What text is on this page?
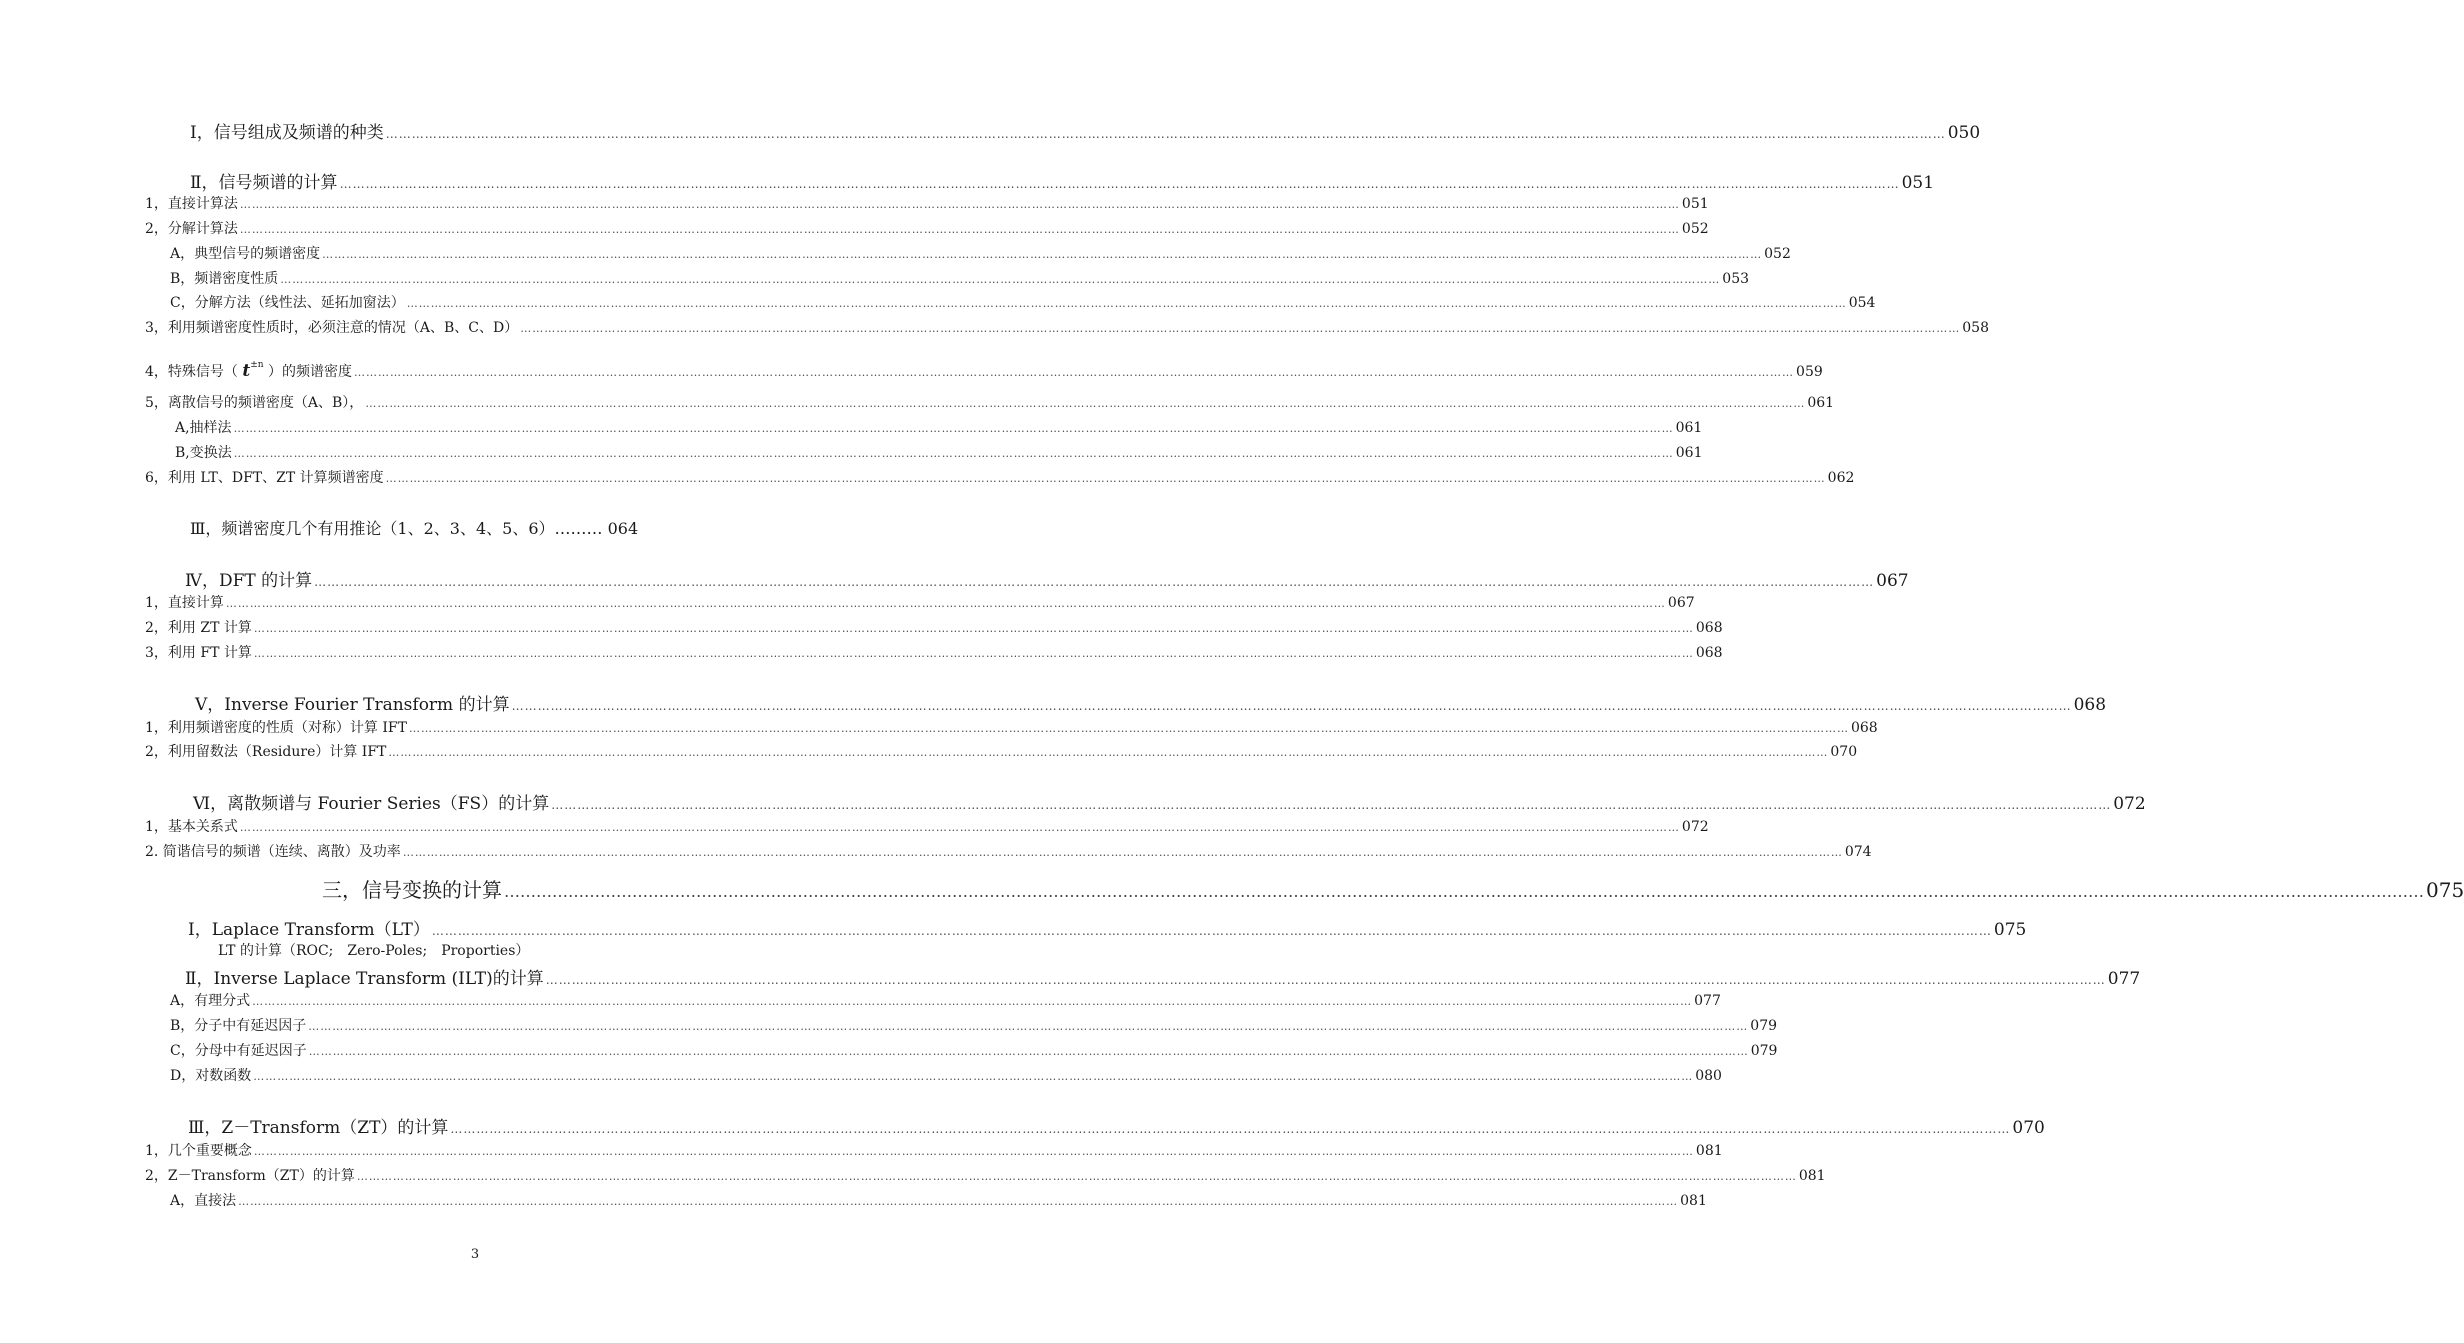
Ⅰ，信号组成及频谱的种类 ……………………………………………………………………………………………………………………………………………………………………………………………………………………………………………………………………………………………………………………………… 050
Ⅱ，信号频谱的计算 ……………………………………………………………………………………………………………………………………………………………………………………………………………………………………………………………………………………………………………………………… 051
1，直接计算法 ……………………………………………………………………………………………………………………………………………………………………………………………………………………………………………………………………………………………………………………………… 051
2，分解计算法 ……………………………………………………………………………………………………………………………………………………………………………………………………………………………………………………………………………………………………………………………… 052
A，典型信号的频谱密度 ……………………………………………………………………………………………………………………………………………………………………………………………………………………………………………………………………………………………………………………………… 052
B，频谱密度性质 ……………………………………………………………………………………………………………………………………………………………………………………………………………………………………………………………………………………………………………………………… 053
C，分解方法（线性法、延拓加窗法） ……………………………………………………………………………………………………………………………………………………………………………………………………………………………………………………………………………………………………………………………… 054
3，利用频谱密度性质时，必须注意的情况（A、B、C、D） ……………………………………………………………………………………………………………………………………………………………………………………………………………………………………………………………………………………………………………………………… 058
5，离散信号的频谱密度（A、B）， ……………………………………………………………………………………………………………………………………………………………………………………………………………………………………………………………………………………………………………………………… 061
A,抽样法 ……………………………………………………………………………………………………………………………………………………………………………………………………………………………………………………………………………………………………………………………… 061
B,变换法 ……………………………………………………………………………………………………………………………………………………………………………………………………………………………………………………………………………………………………………………………… 061
6，利用 LT、DFT、ZT 计算频谱密度 ……………………………………………………………………………………………………………………………………………………………………………………………………………………………………………………………………………………………………………………………… 062
Ⅳ，DFT 的计算 ……………………………………………………………………………………………………………………………………………………………………………………………………………………………………………………………………………………………………………………………… 067
1，直接计算 ……………………………………………………………………………………………………………………………………………………………………………………………………………………………………………………………………………………………………………………………… 067
2，利用 ZT 计算 ……………………………………………………………………………………………………………………………………………………………………………………………………………………………………………………………………………………………………………………………… 068
3，利用 FT 计算 ……………………………………………………………………………………………………………………………………………………………………………………………………………………………………………………………………………………………………………………………… 068
Ⅴ，Inverse Fourier Transform 的计算 ……………………………………………………………………………………………………………………………………………………………………………………………………………………………………………………………………………………………………………………………… 068
1，利用频谱密度的性质（对称）计算 IFT ……………………………………………………………………………………………………………………………………………………………………………………………………………………………………………………………………………………………………………………………… 068
2，利用留数法（Residure）计算 IFT ……………………………………………………………………………………………………………………………………………………………………………………………………………………………………………………………………………………………………………………………… 070
Ⅵ，离散频谱与 Fourier Series（FS）的计算 ……………………………………………………………………………………………………………………………………………………………………………………………………………………………………………………………………………………………………………………………… 072
1，基本关系式 ……………………………………………………………………………………………………………………………………………………………………………………………………………………………………………………………………………………………………………………………… 072
2. 简谐信号的频谱（连续、离散）及功率 ……………………………………………………………………………………………………………………………………………………………………………………………………………………………………………………………………………………………………………………………… 074
三，信号变换的计算 ……………………………………………………………………………………………………………………………………………………………………………………………………………………………………………………………………………………………………………………………… 075
Ⅰ，Laplace Transform（LT） ……………………………………………………………………………………………………………………………………………………………………………………………………………………………………………………………………………………………………………………………… 075
Ⅱ，Inverse Laplace Transform (ILT)的计算 ……………………………………………………………………………………………………………………………………………………………………………………………………………………………………………………………………………………………………………………………… 077
A，有理分式 ……………………………………………………………………………………………………………………………………………………………………………………………………………………………………………………………………………………………………………………………… 077
B，分子中有延迟因子 ……………………………………………………………………………………………………………………………………………………………………………………………………………………………………………………………………………………………………………………………… 079
C，分母中有延迟因子 ……………………………………………………………………………………………………………………………………………………………………………………………………………………………………………………………………………………………………………………………… 079
D，对数函数 ……………………………………………………………………………………………………………………………………………………………………………………………………………………………………………………………………………………………………………………………… 080
Ⅲ，Z－Transform（ZT）的计算 ……………………………………………………………………………………………………………………………………………………………………………………………………………………………………………………………………………………………………………………………… 070
1，几个重要概念 ……………………………………………………………………………………………………………………………………………………………………………………………………………………………………………………………………………………………………………………………… 081
2，Z－Transform（ZT）的计算 ……………………………………………………………………………………………………………………………………………………………………………………………………………………………………………………………………………………………………………………………… 081
A，直接法 ……………………………………………………………………………………………………………………………………………………………………………………………………………………………………………………………………………………………………………………………… 081
4，特殊信号（ $t^{\pm n}$ ）的频谱密度 ……………………………………………………………………………………………………………………………………………………………………………………………………………………………………………………………………………………………………………………………… 059
Ⅲ，频谱密度几个有用推论（1、2、3、4、5、6）……… 064
LT 的计算（ROC;　Zero-Poles;　Proporties）
3
